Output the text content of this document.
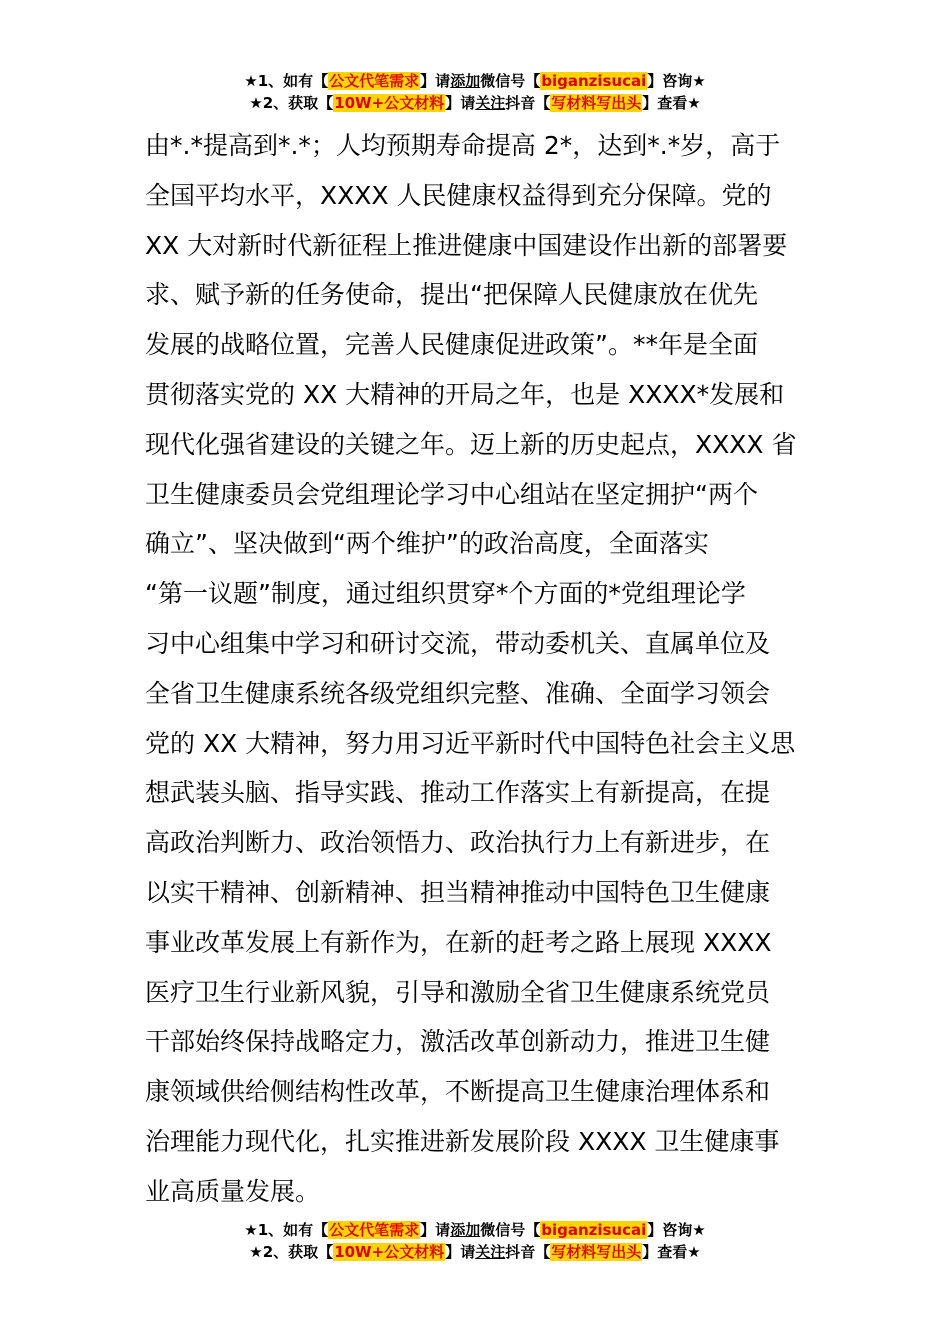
★1、如有【公文代笔需求】请添加微信号【biganzisucai】咨询★
★2、获取【10W+公文材料】请关注抖音【写材料写出头】查看★
由*.*提高到*.*；人均预期寿命提高 2*，达到*.*岁，高于
全国平均水平，XXXX 人民健康权益得到充分保障。党的
XX 大对新时代新征程上推进健康中国建设作出新的部署要
求、赋予新的任务使命，提出“把保障人民健康放在优先
发展的战略位置，完善人民健康促进政策”。**年是全面
贯彻落实党的 XX 大精神的开局之年，也是 XXXX*发展和
现代化强省建设的关键之年。迈上新的历史起点，XXXX 省
卫生健康委员会党组理论学习中心组站在坚定拥护“两个
确立”、坚决做到“两个维护”的政治高度，全面落实
“第一议题”制度，通过组织贯穿*个方面的*党组理论学
习中心组集中学习和研讨交流，带动委机关、直属单位及
全省卫生健康系统各级党组织完整、准确、全面学习领会
党的 XX 大精神，努力用习近平新时代中国特色社会主义思
想武装头脑、指导实践、推动工作落实上有新提高，在提
高政治判断力、政治领悟力、政治执行力上有新进步，在
以实干精神、创新精神、担当精神推动中国特色卫生健康
事业改革发展上有新作为，在新的赶考之路上展现 XXXX
医疗卫生行业新风貌，引导和激励全省卫生健康系统党员
干部始终保持战略定力，激活改革创新动力，推进卫生健
康领域供给侧结构性改革，不断提高卫生健康治理体系和
治理能力现代化，扎实推进新发展阶段 XXXX 卫生健康事
业高质量发展。
★1、如有【公文代笔需求】请添加微信号【biganzisucai】咨询★
★2、获取【10W+公文材料】请关注抖音【写材料写出头】查看★
